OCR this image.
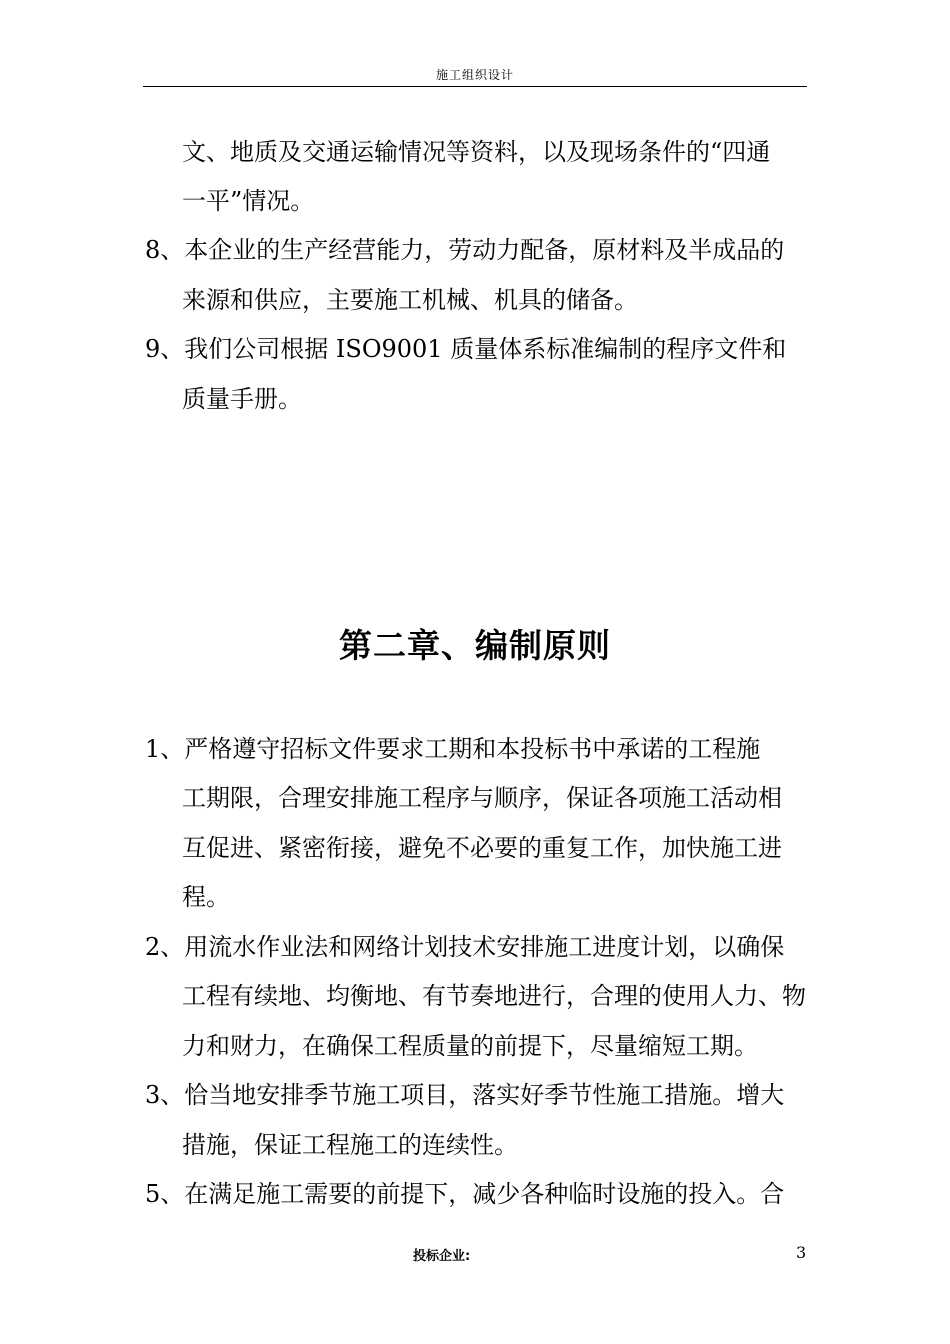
施工组织设计
文、地质及交通运输情况等资料，以及现场条件的“四通
一平”情况。
8、本企业的生产经营能力，劳动力配备，原材料及半成品的
来源和供应，主要施工机械、机具的储备。
9、我们公司根据 ISO9001 质量体系标准编制的程序文件和
质量手册。
第二章、编制原则
1、严格遵守招标文件要求工期和本投标书中承诺的工程施
工期限，合理安排施工程序与顺序，保证各项施工活动相
互促进、紧密衔接，避免不必要的重复工作，加快施工进
程。
2、用流水作业法和网络计划技术安排施工进度计划，以确保
工程有续地、均衡地、有节奏地进行，合理的使用人力、物
力和财力，在确保工程质量的前提下，尽量缩短工期。
3、恰当地安排季节施工项目，落实好季节性施工措施。增大
措施，保证工程施工的连续性。
5、在满足施工需要的前提下，减少各种临时设施的投入。合
投标企业:	3
